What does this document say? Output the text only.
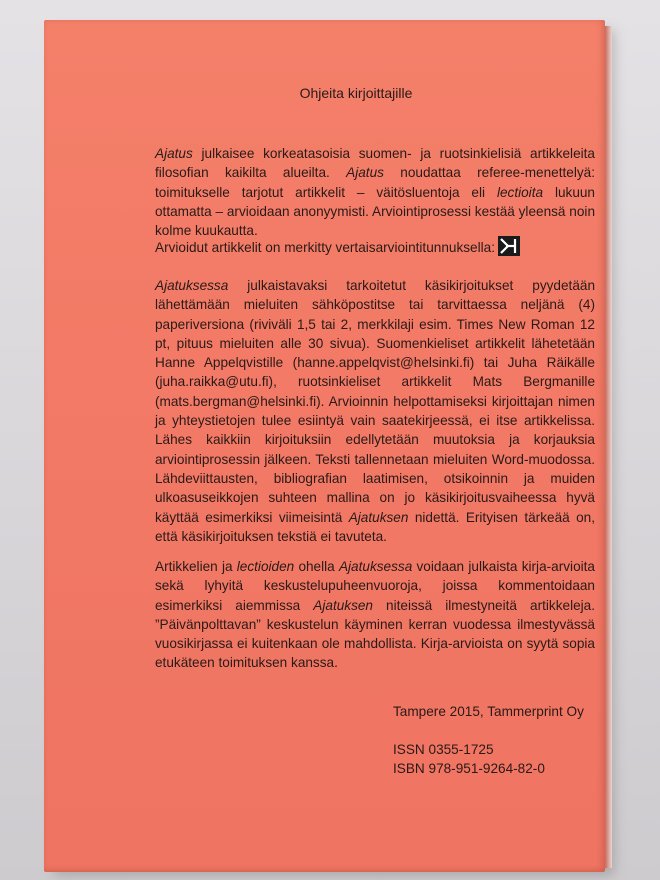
Ohjeita kirjoittajille
Ajatus julkaisee korkeatasoisia suomen- ja ruotsinkielisiä artikkeleita filosofian kaikilta alueilta. Ajatus noudattaa referee-menettelyä: toimitukselle tarjotut artikkelit – väitösluentoja eli lectioita lukuun ottamatta – arvioidaan anonyymisti. Arviointiprosessi kestää yleensä noin kolme kuukautta.
Arvioidut artikkelit on merkitty vertaisarviointitunnuksella:
Ajatuksessa julkaistavaksi tarkoitetut käsikirjoitukset pyydetään lähettämään mieluiten sähköpostitse tai tarvittaessa neljänä (4) paperiversiona (riviväli 1,5 tai 2, merkkilaji esim. Times New Roman 12 pt, pituus mieluiten alle 30 sivua). Suomenkieliset artikkelit lähetetään Hanne Appelqvistille (hanne.appelqvist@helsinki.fi) tai Juha Räikälle (juha.raikka@utu.fi), ruotsinkieliset artikkelit Mats Bergmanille (mats.bergman@helsinki.fi). Arvioinnin helpottamiseksi kirjoittajan nimen ja yhteystietojen tulee esiintyä vain saatekirjeessä, ei itse artikkelissa. Lähes kaikkiin kirjoituksiin edellytetään muutoksia ja korjauksia arviointiprosessin jälkeen. Teksti tallennetaan mieluiten Word-muodossa. Lähdeviittausten, bibliografian laatimisen, otsikoinnin ja muiden ulkoasuseikkojen suhteen mallina on jo käsikirjoitusvaiheessa hyvä käyttää esimerkiksi viimeisintä Ajatuksen nidettä. Erityisen tärkeää on, että käsikirjoituksen tekstiä ei tavuteta.
Artikkelien ja lectioiden ohella Ajatuksessa voidaan julkaista kirja-arvioita sekä lyhyitä keskustelupuheenvuoroja, joissa kommentoidaan esimerkiksi aiemmissa Ajatuksen niteissä ilmestyneitä artikkeleja. ”Päivänpolttavan” keskustelun käyminen kerran vuodessa ilmestyvässä vuosikirjassa ei kuitenkaan ole mahdollista. Kirja-arvioista on syytä sopia etukäteen toimituksen kanssa.
Tampere 2015, Tammerprint Oy
ISSN 0355-1725
ISBN 978-951-9264-82-0
